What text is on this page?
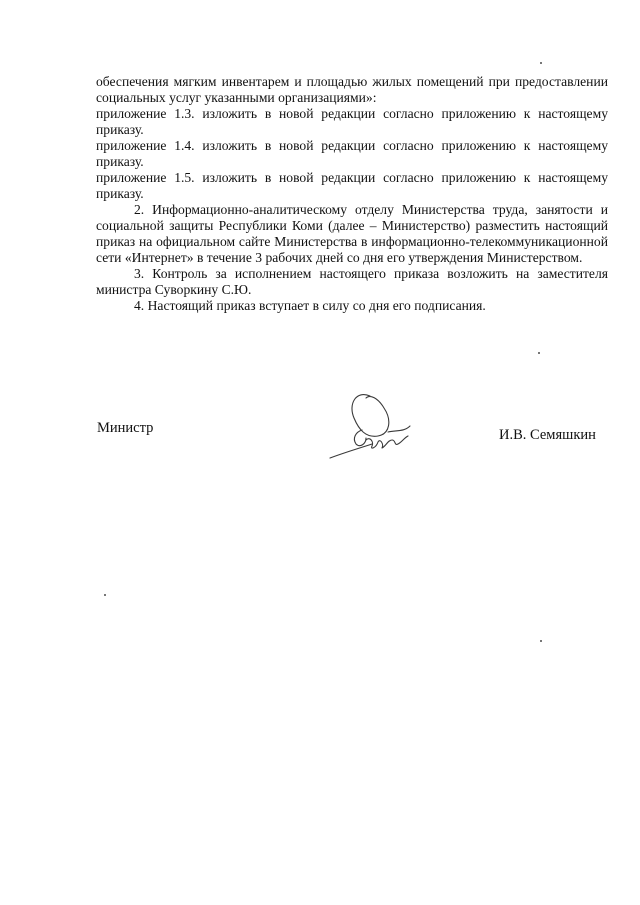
обеспечения мягким инвентарем и площадью жилых помещений при предоставлении социальных услуг указанными организациями»:

приложение 1.3. изложить в новой редакции согласно приложению к настоящему приказу.

приложение 1.4. изложить в новой редакции согласно приложению к настоящему приказу.

приложение 1.5. изложить в новой редакции согласно приложению к настоящему приказу.

2. Информационно-аналитическому отделу Министерства труда, занятости и социальной защиты Республики Коми (далее – Министерство) разместить настоящий приказ на официальном сайте Министерства в информационно-телекоммуникационной сети «Интернет» в течение 3 рабочих дней со дня его утверждения Министерством.

3. Контроль за исполнением настоящего приказа возложить на заместителя министра Суворкину С.Ю.

4. Настоящий приказ вступает в силу со дня его подписания.

Министр	И.В. Семяшкин
